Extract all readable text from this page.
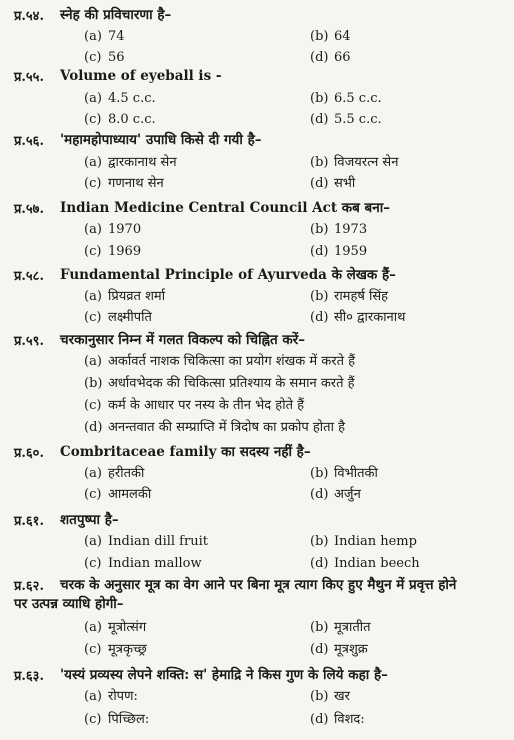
प्र.५४. स्नेह की प्रविचारणा है–
(a) 74	(b) 64
(c) 56	(d) 66
प्र.५५. Volume of eyeball is -
(a) 4.5 c.c.	(b) 6.5 c.c.
(c) 8.0 c.c.	(d) 5.5 c.c.
प्र.५६. 'महामहोपाध्याय' उपाधि किसे दी गयी है–
(a) द्वारकानाथ सेन	(b) विजयरत्न सेन
(c) गणनाथ सेन	(d) सभी
प्र.५७. Indian Medicine Central Council Act कब बना–
(a) 1970	(b) 1973
(c) 1969	(d) 1959
प्र.५८. Fundamental Principle of Ayurveda के लेखक हैं–
(a) प्रियव्रत शर्मा	(b) रामहर्ष सिंह
(c) लक्ष्मीपति	(d) सी० द्वारकानाथ
प्र.५९. चरकानुसार निम्न में गलत विकल्प को चिह्नित करें–
(a) अर्कावर्त नाशक चिकित्सा का प्रयोग शंखक में करते हैं
(b) अर्धावभेदक की चिकित्सा प्रतिश्याय के समान करते हैं
(c) कर्म के आधार पर नस्य के तीन भेद होते हैं
(d) अनन्तवात की सम्प्राप्ति में त्रिदोष का प्रकोप होता है
प्र.६०. Combritaceae family का सदस्य नहीं है–
(a) हरीतकी	(b) विभीतकी
(c) आमलकी	(d) अर्जुन
प्र.६१. शतपुष्पा है–
(a) Indian dill fruit	(b) Indian hemp
(c) Indian mallow	(d) Indian beech
प्र.६२. चरक के अनुसार मूत्र का वेग आने पर बिना मूत्र त्याग किए हुए मैथुन में प्रवृत्त होने
पर उत्पन्न व्याधि होगी–
(a) मूत्रोत्संग	(b) मूत्रातीत
(c) मूत्रकृच्छ्र	(d) मूत्रशुक्र
प्र.६३. 'यस्यं प्रव्यस्य लेपने शक्ति: स' हेमाद्रि ने किस गुण के लिये कहा है–
(a) रोपण:	(b) खर
(c) पिच्छिल:	(d) विशद:
